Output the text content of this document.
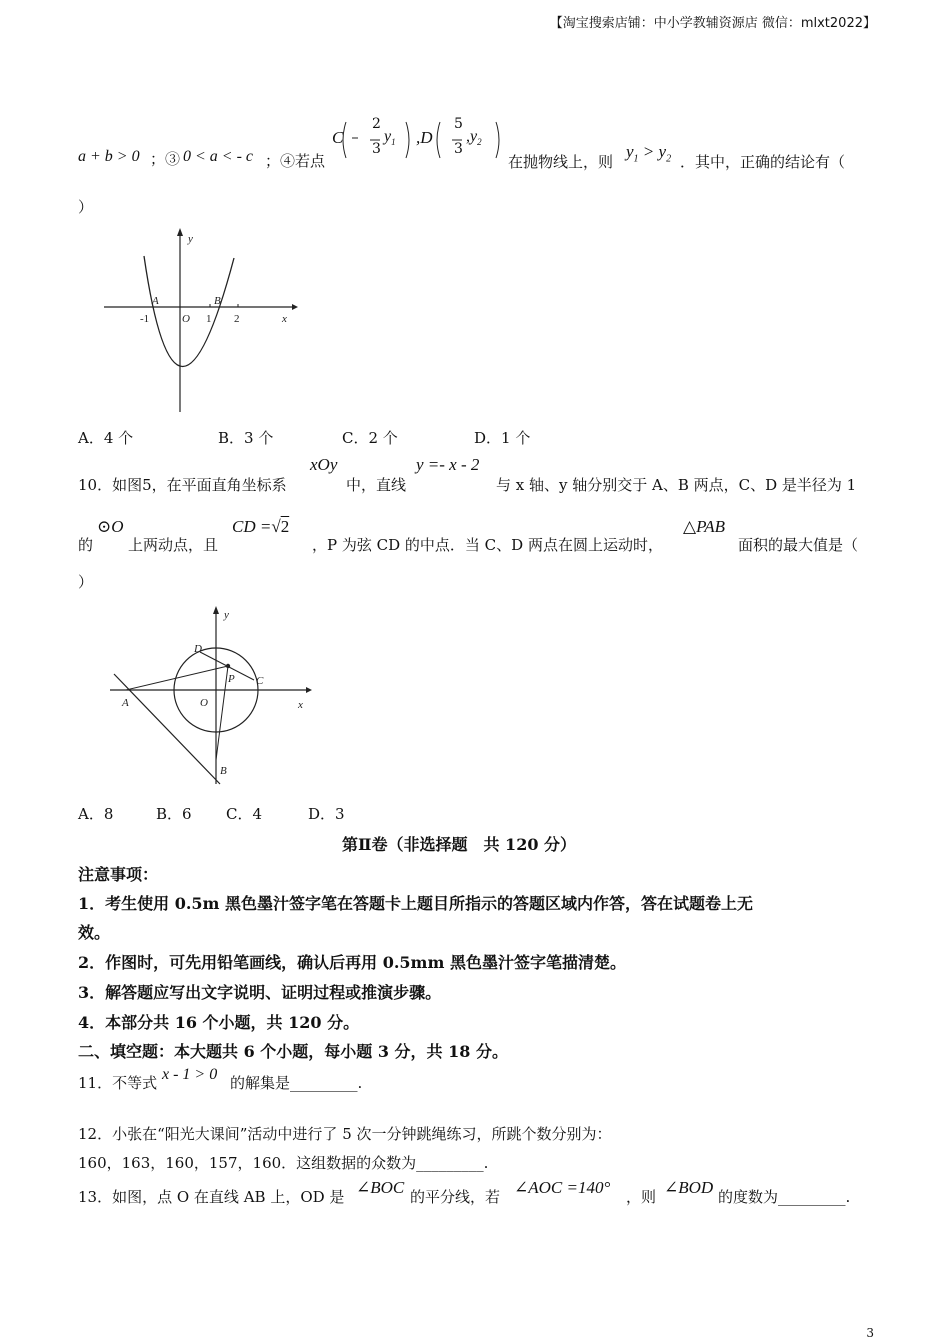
【淘宝搜索店铺：中小学教辅资源店 微信：mlxt2022】
a + b > 0 ；③ 0 < a < - c ；④若点
C
2
3
$y_1$ ,D
5
3
$,y_2$
在抛物线上，则
$y_1 > y_2$ ．其中，正确的结论有（
）
y
x
A	B
O
-1	1 2
A．4 个	B．3 个	C．2 个	D．1 个
10．如图5，在平面直角坐标系
xOy
中，直线
y =- x - 2
与 x 轴、y 轴分别交于 A、B 两点，C、D 是半径为 1
的
⊙O
上两动点，且
CD =√2
，P 为弦 CD 的中点．当 C、D 两点在圆上运动时，
△PAB
面积的最大值是（
）
y
x
A
B
C
D
O
P
A．8	B．6 C．4	D．3
第Ⅱ卷（非选择题　共 120 分）
注意事项：
1．考生使用 0.5m 黑色墨汁签字笔在答题卡上题目所指示的答题区域内作答，答在试题卷上无
效。
2．作图时，可先用铅笔画线，确认后再用 0.5mm 黑色墨汁签字笔描清楚。
3．解答题应写出文字说明、证明过程或推演步骤。
4．本部分共 16 个小题，共 120 分。
二、填空题：本大题共 6 个小题，每小题 3 分，共 18 分。
11．不等式 x - 1 > 0 的解集是_________.
12．小张在“阳光大课间”活动中进行了 5 次一分钟跳绳练习，所跳个数分别为：
160，163，160，157，160．这组数据的众数为_________.
13．如图，点 O 在直线 AB 上，OD 是 ∠BOC 的平分线，若 ∠AOC =140° ，则 ∠BOD 的度数为_________.
3
